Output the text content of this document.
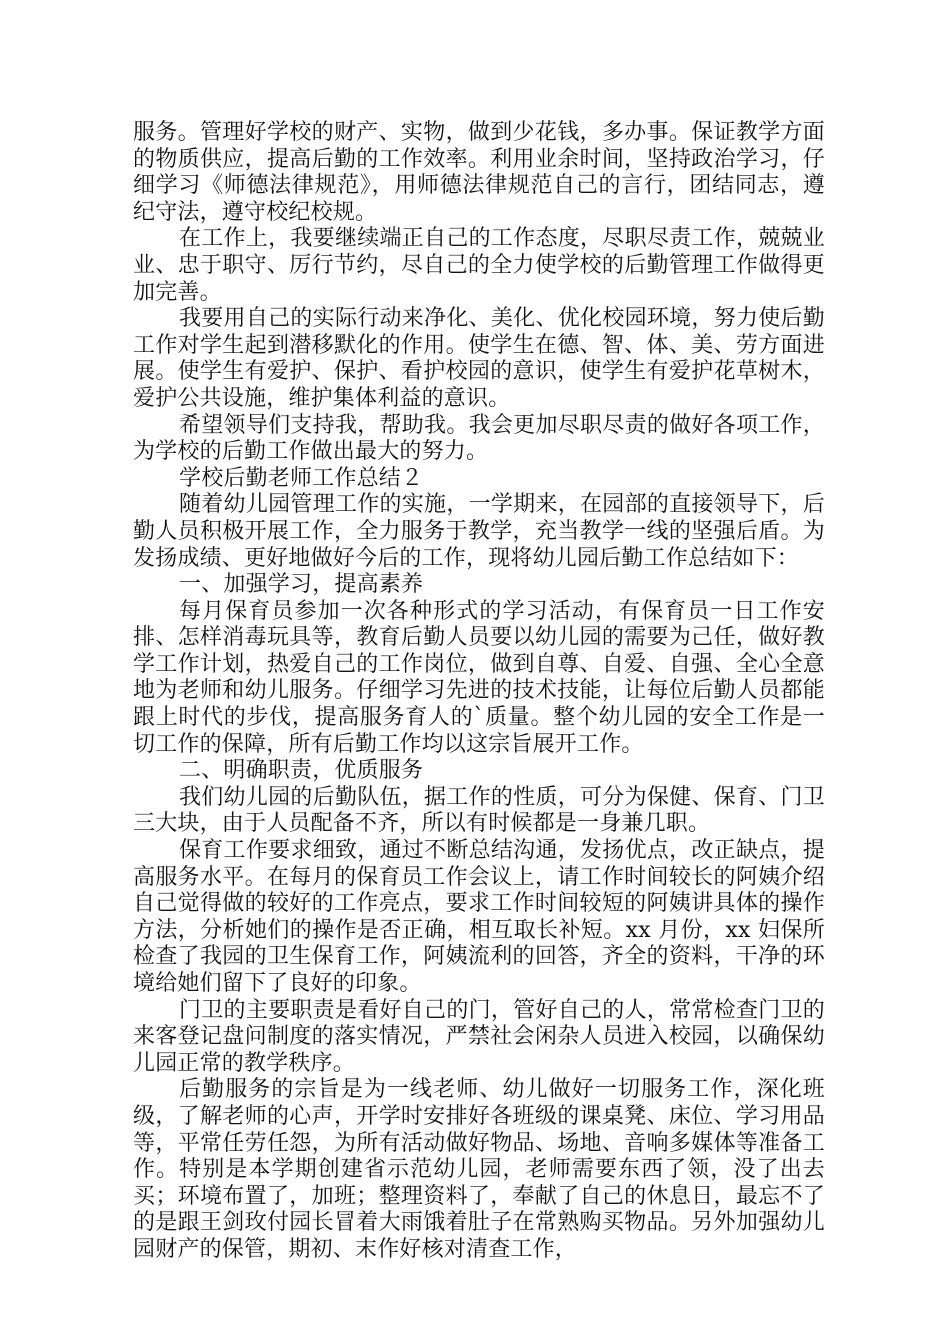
服务。管理好学校的财产、实物，做到少花钱，多办事。保证教学方面的物质供应，提高后勤的工作效率。利用业余时间，坚持政治学习，仔细学习《师德法律规范》，用师德法律规范自己的言行，团结同志，遵纪守法，遵守校纪校规。

在工作上，我要继续端正自己的工作态度，尽职尽责工作，兢兢业业、忠于职守、厉行节约，尽自己的全力使学校的后勤管理工作做得更加完善。

我要用自己的实际行动来净化、美化、优化校园环境，努力使后勤工作对学生起到潜移默化的作用。使学生在德、智、体、美、劳方面进展。使学生有爱护、保护、看护校园的意识，使学生有爱护花草树木，爱护公共设施，维护集体利益的意识。

希望领导们支持我，帮助我。我会更加尽职尽责的做好各项工作，为学校的后勤工作做出最大的努力。

学校后勤老师工作总结２

随着幼儿园管理工作的实施，一学期来，在园部的直接领导下，后勤人员积极开展工作，全力服务于教学，充当教学一线的坚强后盾。为发扬成绩、更好地做好今后的工作，现将幼儿园后勤工作总结如下：

一、加强学习，提高素养

每月保育员参加一次各种形式的学习活动，有保育员一日工作安排、怎样消毒玩具等，教育后勤人员要以幼儿园的需要为己任，做好教学工作计划，热爱自己的工作岗位，做到自尊、自爱、自强、全心全意地为老师和幼儿服务。仔细学习先进的技术技能，让每位后勤人员都能跟上时代的步伐，提高服务育人的`质量。整个幼儿园的安全工作是一切工作的保障，所有后勤工作均以这宗旨展开工作。

二、明确职责，优质服务

我们幼儿园的后勤队伍，据工作的性质，可分为保健、保育、门卫三大块，由于人员配备不齐，所以有时候都是一身兼几职。

保育工作要求细致，通过不断总结沟通，发扬优点，改正缺点，提高服务水平。在每月的保育员工作会议上，请工作时间较长的阿姨介绍自己觉得做的较好的工作亮点，要求工作时间较短的阿姨讲具体的操作方法，分析她们的操作是否正确，相互取长补短。xx 月份，xx 妇保所检查了我园的卫生保育工作，阿姨流利的回答，齐全的资料，干净的环境给她们留下了良好的印象。

门卫的主要职责是看好自己的门，管好自己的人，常常检查门卫的来客登记盘问制度的落实情况，严禁社会闲杂人员进入校园，以确保幼儿园正常的教学秩序。

后勤服务的宗旨是为一线老师、幼儿做好一切服务工作，深化班级，了解老师的心声，开学时安排好各班级的课桌凳、床位、学习用品等，平常任劳任怨，为所有活动做好物品、场地、音响多媒体等准备工作。特别是本学期创建省示范幼儿园，老师需要东西了领，没了出去买；环境布置了，加班；整理资料了，奉献了自己的休息日，最忘不了的是跟王剑玫付园长冒着大雨饿着肚子在常熟购买物品。另外加强幼儿园财产的保管，期初、末作好核对清查工作，
